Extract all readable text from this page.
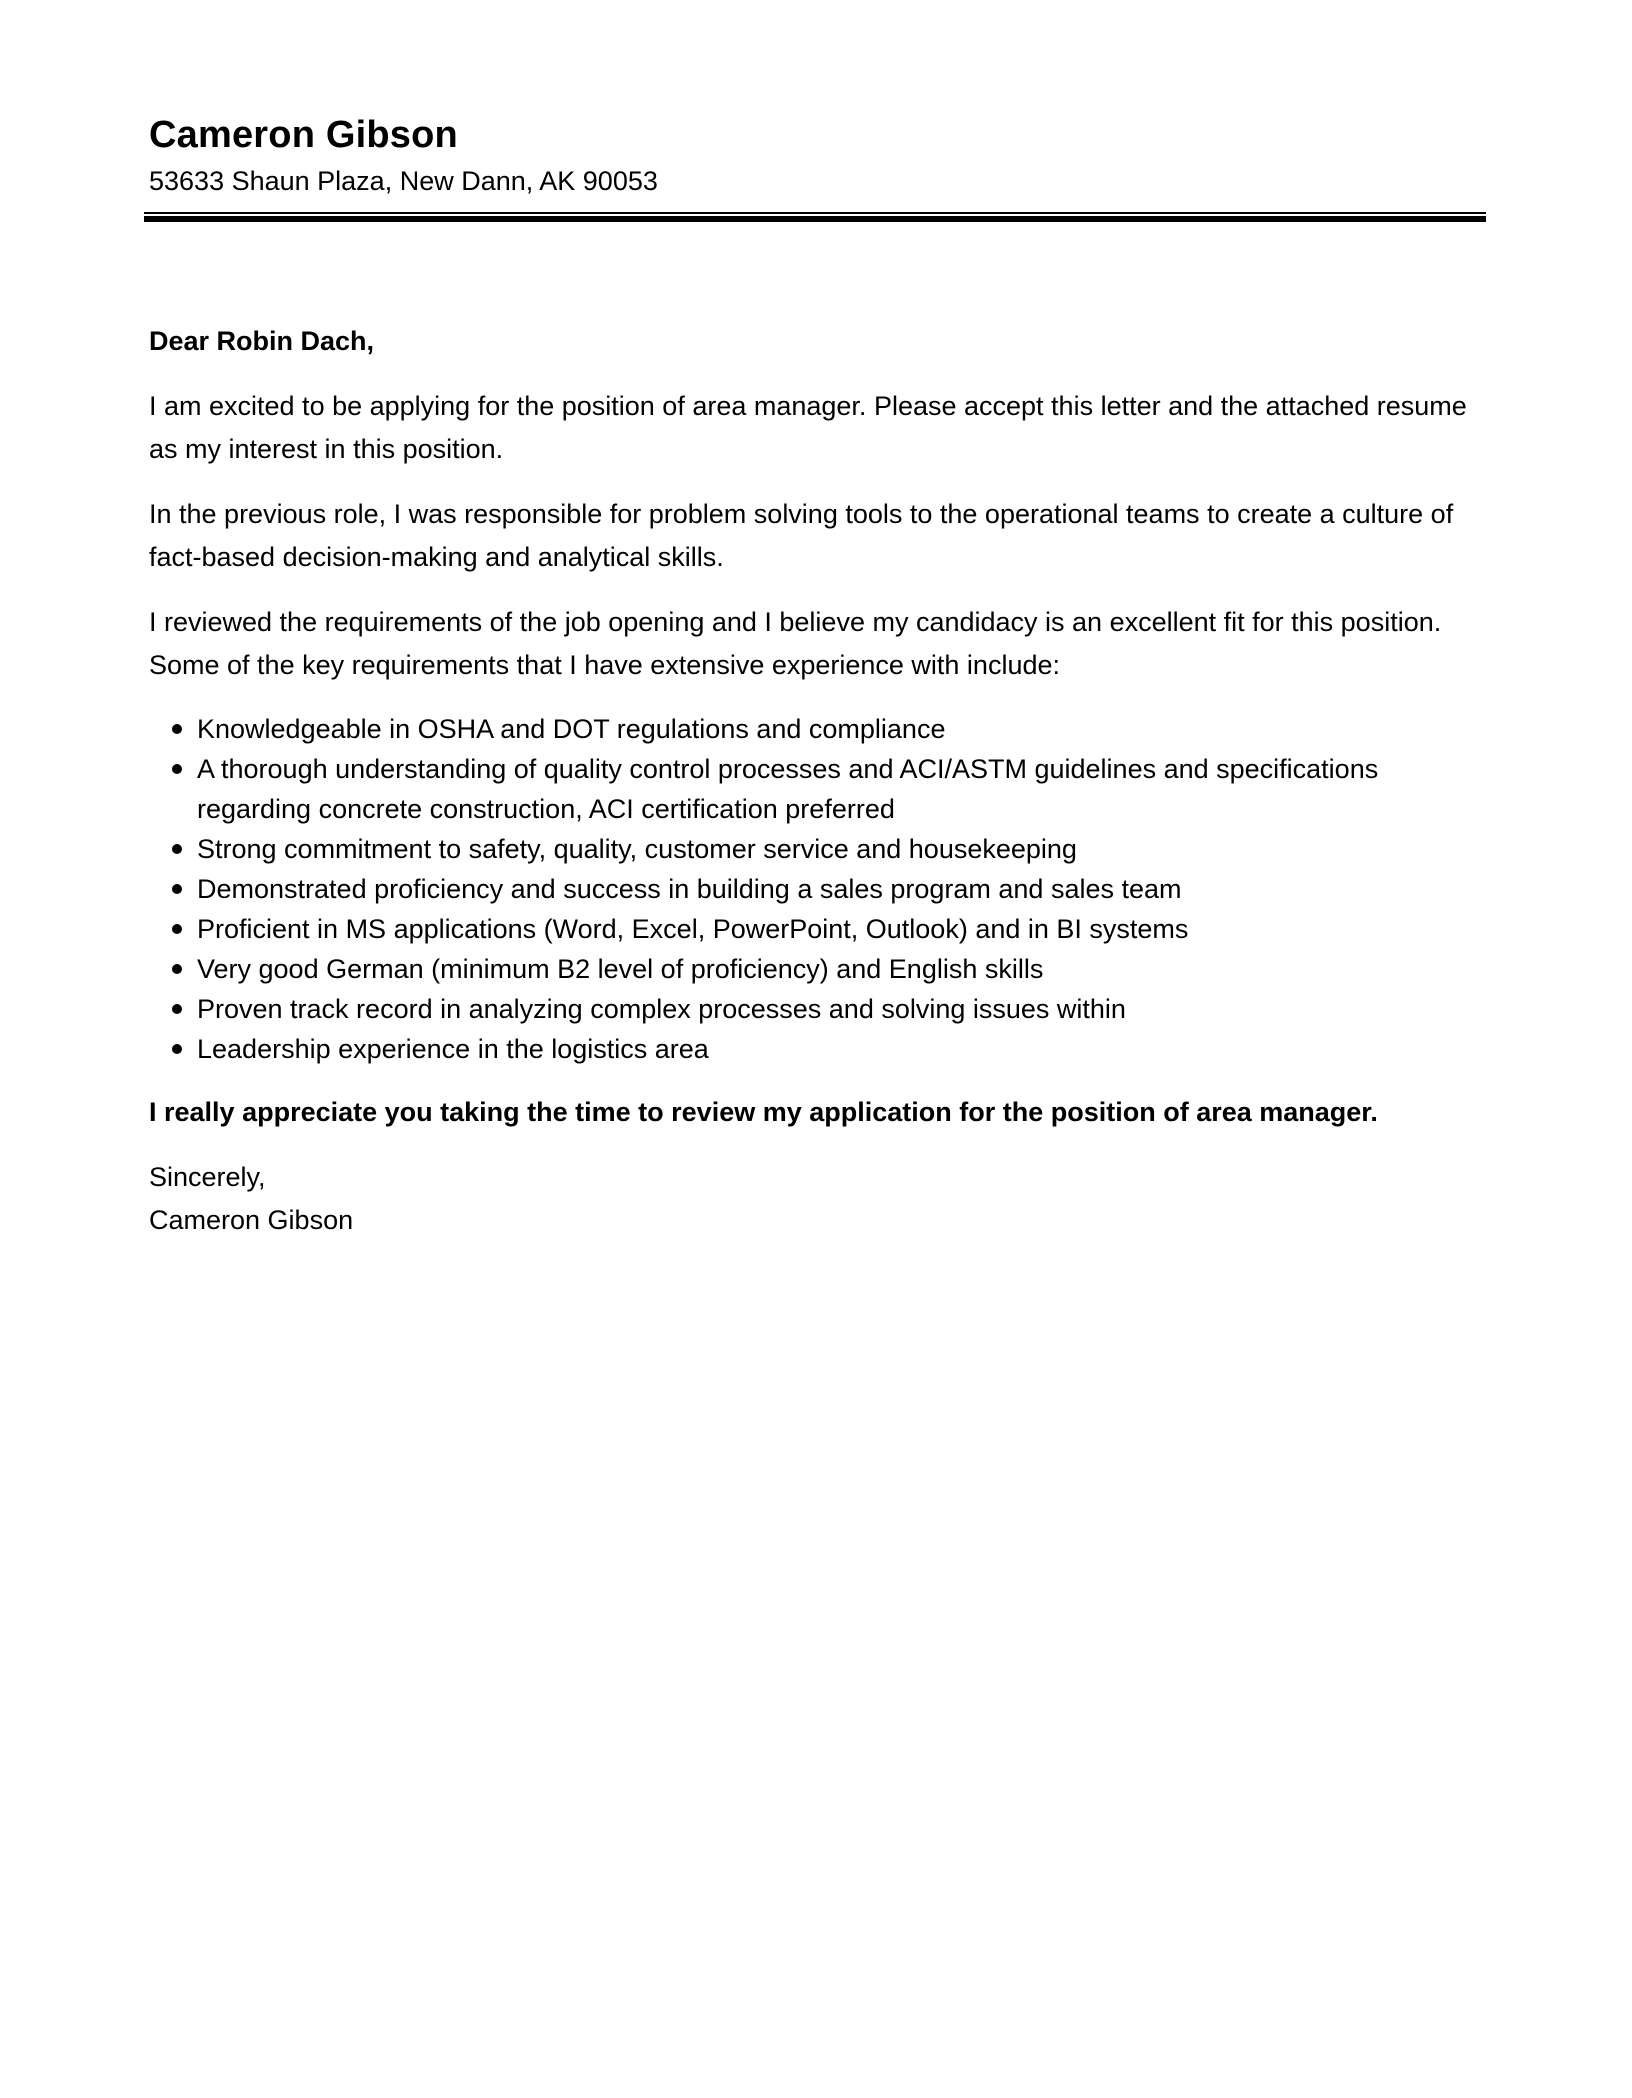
Cameron Gibson

53633 Shaun Plaza, New Dann, AK 90053

Dear Robin Dach,

I am excited to be applying for the position of area manager. Please accept this letter and the attached resume as my interest in this position.

In the previous role, I was responsible for problem solving tools to the operational teams to create a culture of fact-based decision-making and analytical skills.

I reviewed the requirements of the job opening and I believe my candidacy is an excellent fit for this position. Some of the key requirements that I have extensive experience with include:

Knowledgeable in OSHA and DOT regulations and compliance
A thorough understanding of quality control processes and ACI/ASTM guidelines and specifications regarding concrete construction, ACI certification preferred
Strong commitment to safety, quality, customer service and housekeeping
Demonstrated proficiency and success in building a sales program and sales team
Proficient in MS applications (Word, Excel, PowerPoint, Outlook) and in BI systems
Very good German (minimum B2 level of proficiency) and English skills
Proven track record in analyzing complex processes and solving issues within
Leadership experience in the logistics area

I really appreciate you taking the time to review my application for the position of area manager.

Sincerely,

Cameron Gibson
